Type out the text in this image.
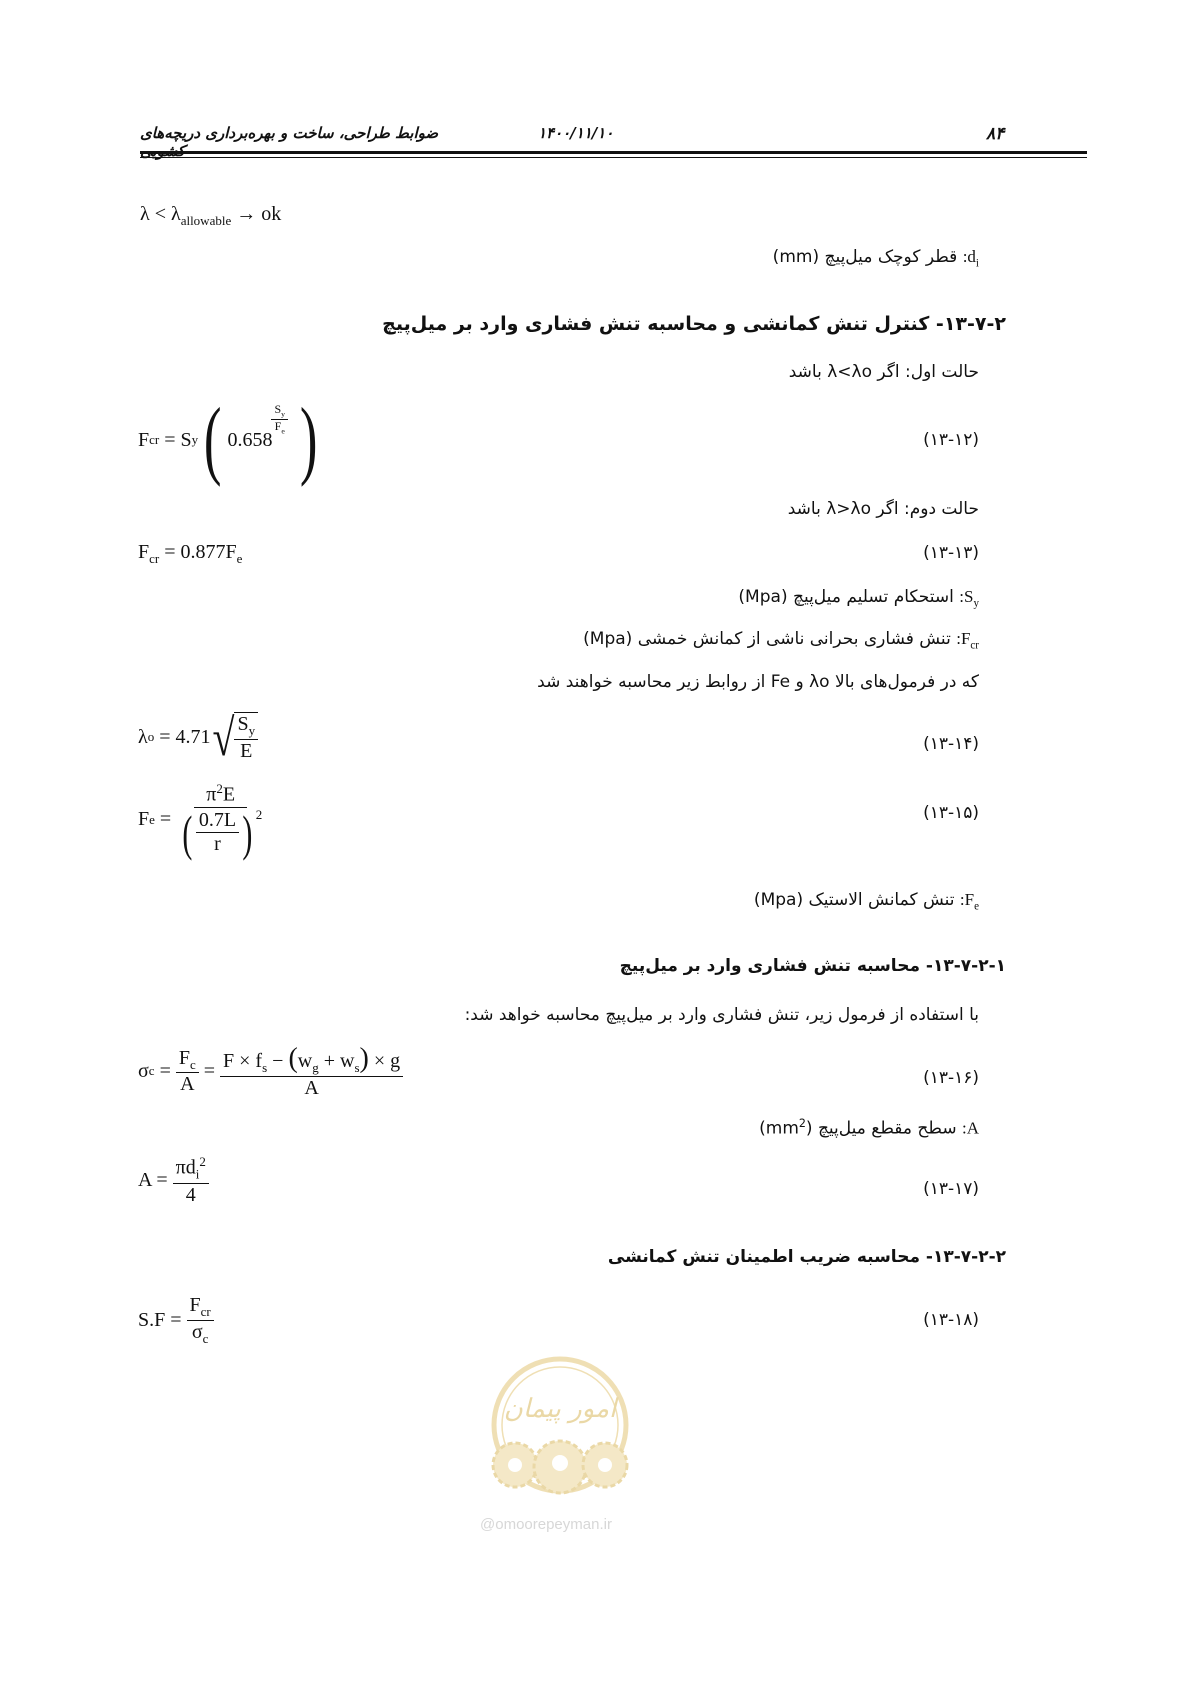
۸۴
۱۴۰۰/۱۱/۱۰
ضوابط طراحی، ساخت و بهره‌برداری دریچه‌های
$\lambda < \lambda_{allowable}$ → ok
$d_i$: قطر کوچک میل‌پیچ (mm)
۱۳-۷-۲- کنترل تنش کمانشی و محاسبه تنش فشاری وارد بر میل‌پیچ
حالت اول: اگر λ<λo باشد
F cr = S y ( 0.658
$\frac{S_y}{F_e}$ )	(۱۳-۱۲)
حالت دوم: اگر λ>λo باشد
$F_{cr} = 0.877F_e$	(۱۳-۱۳)
$S_y$: استحکام تسلیم میل‌پیچ (Mpa)
$F_{cr}$: تنش فشاری بحرانی ناشی از کمانش خمشی (Mpa)
که در فرمول‌های بالا λo و Fe از روابط زیر محاسبه خواهند شد
λ o = 4.71 √ $\frac{S_y}{E}$	(۱۳-۱۴)
F $e = \frac{\pi^2E}{( \frac{0.7L}{r} ) ^2}$	(۱۳-۱۵)
$F_e$: تنش کمانش الاستیک (Mpa)
۱۳-۷-۲-۱- محاسبه تنش فشاری وارد بر میل‌پیچ
با استفاده از فرمول زیر، تنش فشاری وارد بر میل‌پیچ محاسبه خواهد شد:
σ $c = \frac{F_c}{A} = \frac{F \times f_s - (w_g + w_s) \times g}{A}$	(۱۳-۱۶)
A: سطح مقطع میل‌پیچ $(mm^2)$
$A = \frac{\pi d_i^2}{4}$	(۱۳-۱۷)
۱۳-۷-۲-۲- محاسبه ضریب اطمینان تنش کمانشی
$S.F = \frac{F_{cr}}{\sigma_c}$	(۱۳-۱۸)
امور پیمان
@omoorepeyman.ir
